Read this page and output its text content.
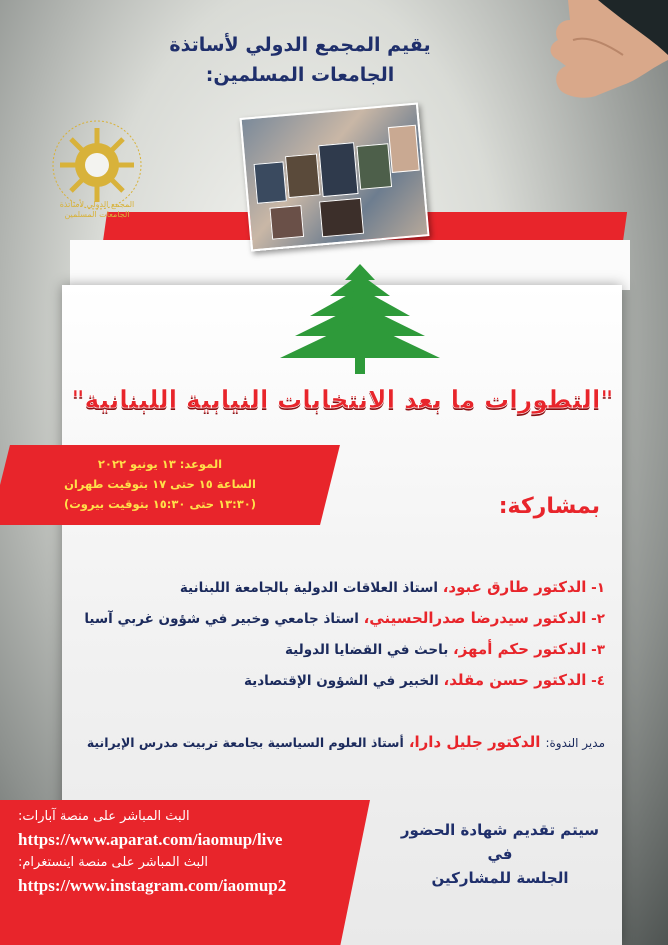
يقيم المجمع الدولي لأساتذة
الجامعات المسلمين:
المجمع الدولي لأساتذة
الجامعات المسلمين
"التطورات ما بعد الانتخابات النيابية اللبنانية"
الموعد: ١٣ يونيو ٢٠٢٢
الساعة ١٥ حتى ١٧ بتوقيت طهران
(١٣:٣٠ حتى ١٥:٣٠ بتوقيت بيروت)	بمشاركة:
١- الدكتور طارق عبود، استاذ العلاقات الدولية بالجامعة اللبنانية
٢- الدكتور سيدرضا صدرالحسيني، استاذ جامعي وخبير في شؤون غربي آسيا
٣- الدكتور حكم أمهز، باحث في القضايا الدولية
٤- الدكتور حسن مقلد، الخبير في الشؤون الإقتصادية
مدير الندوة: الدكتور جليل دارا، أستاذ العلوم السياسية بجامعة تربيت مدرس الإيرانية
البث المباشر على منصة آبارات:
https://www.aparat.com/iaomup/live
البث المباشر على منصة اينستغرام:
https://www.instagram.com/iaomup2
سيتم تقديم شهادة الحضور في
الجلسة للمشاركين
